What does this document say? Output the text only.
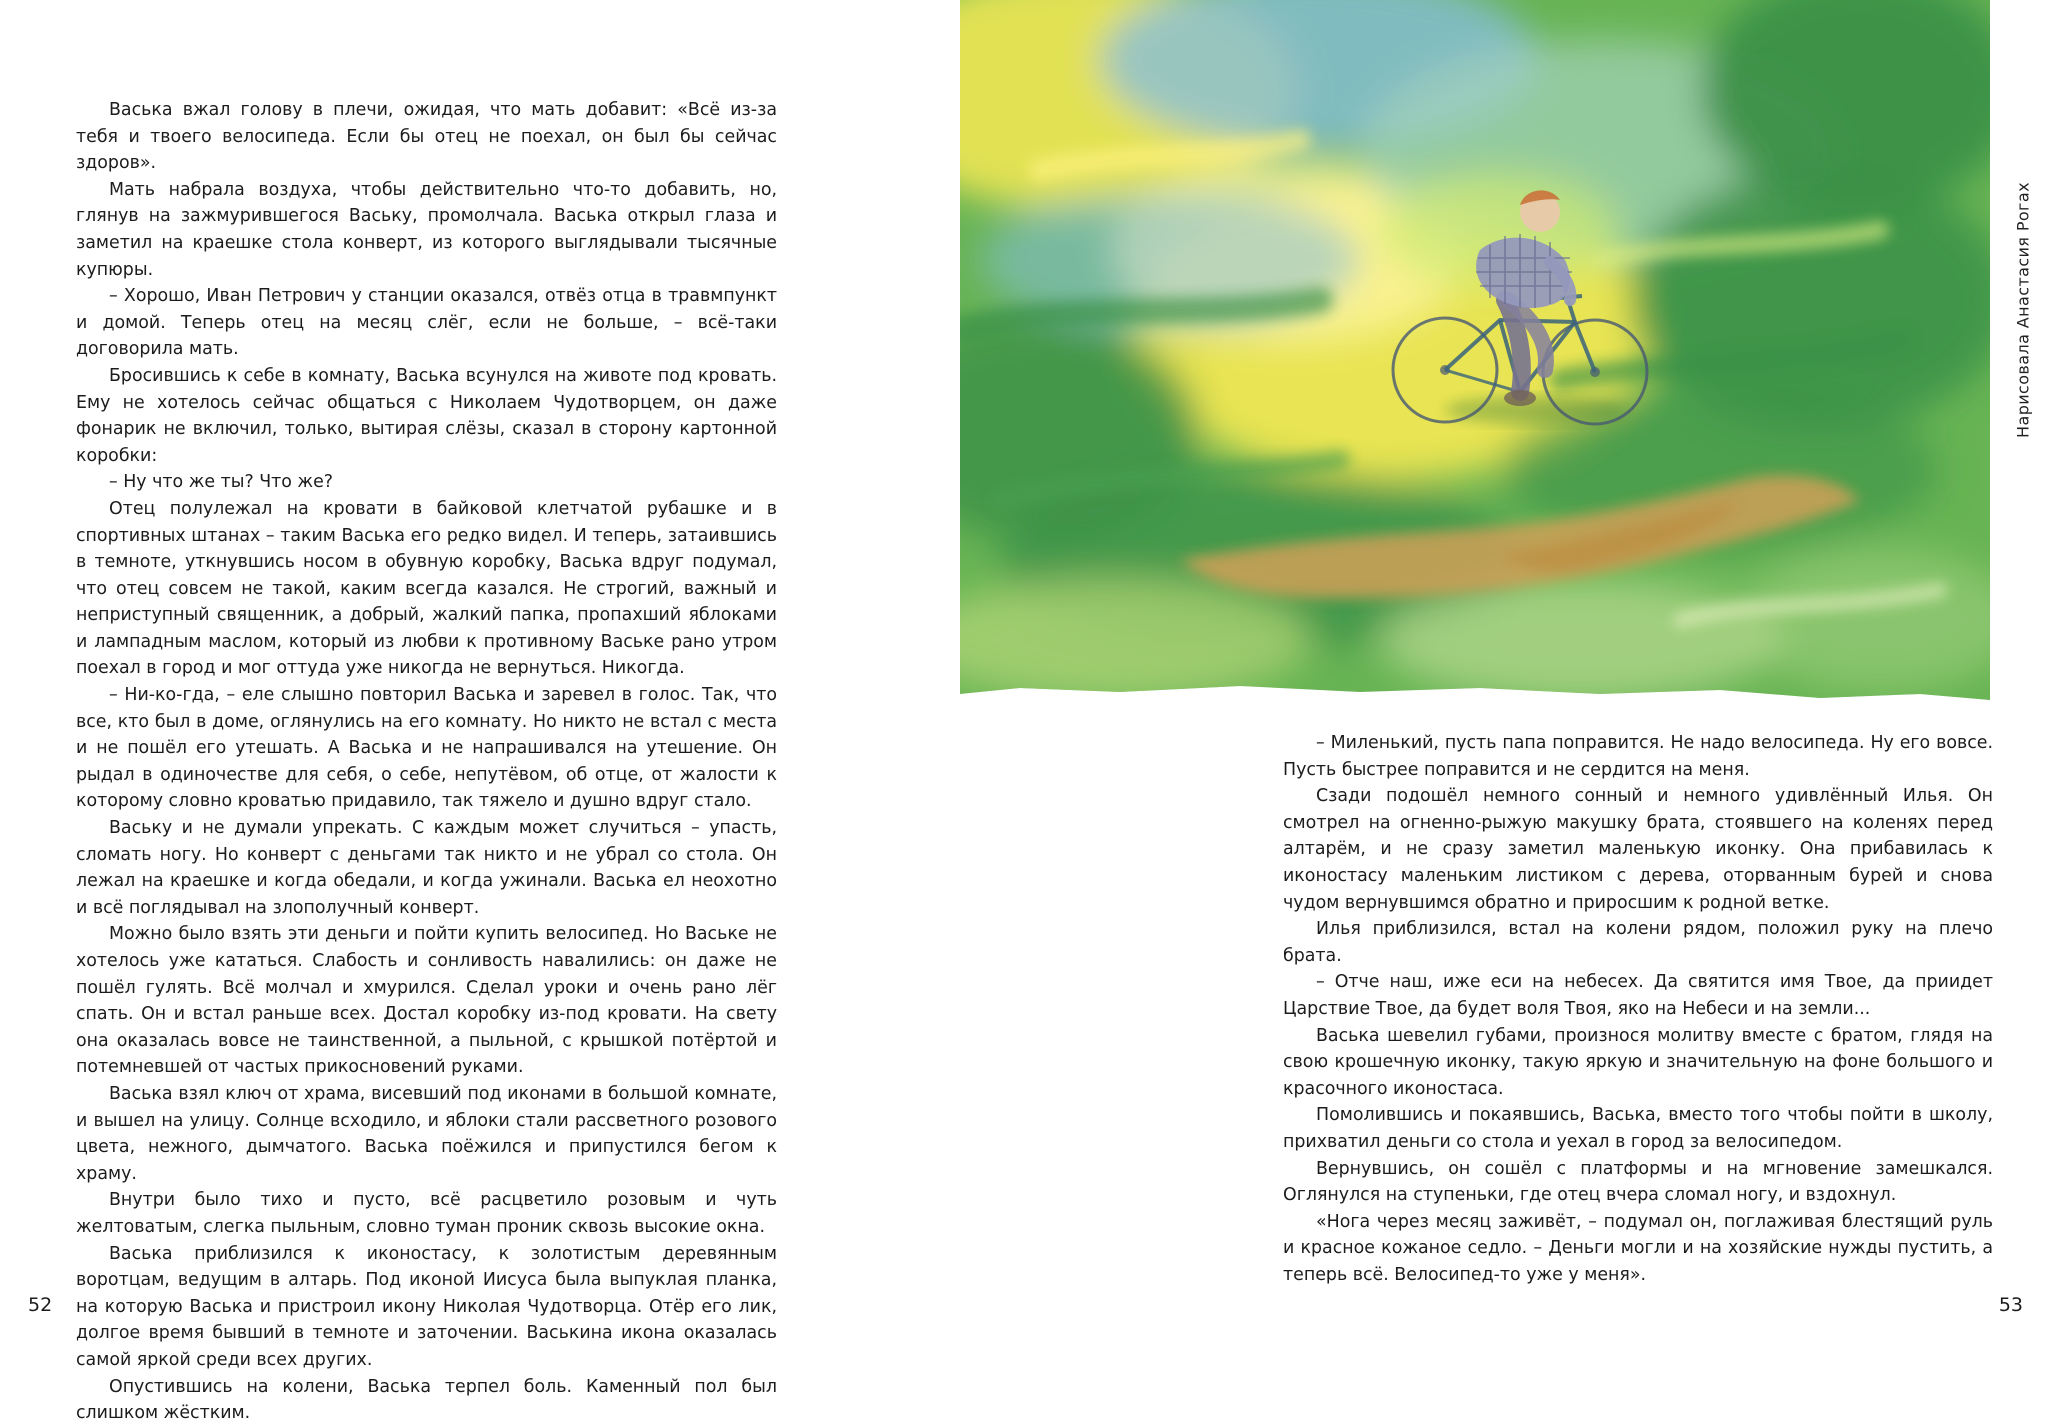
Васька вжал голову в плечи, ожидая, что мать добавит: «Всё из-за тебя и твоего велосипеда. Если бы отец не поехал, он был бы сейчас здоров».

Мать набрала воздуха, чтобы действительно что-то добавить, но, глянув на зажмурившегося Ваську, промолчала. Васька открыл глаза и заметил на краешке стола конверт, из которого выглядывали тысячные купюры.

– Хорошо, Иван Петрович у станции оказался, отвёз отца в травмпункт и домой. Теперь отец на месяц слёг, если не больше, – всё-таки договорила мать.

Бросившись к себе в комнату, Васька всунулся на животе под кровать. Ему не хотелось сейчас общаться с Николаем Чудотворцем, он даже фонарик не включил, только, вытирая слёзы, сказал в сторону картонной коробки:

– Ну что же ты? Что же?

Отец полулежал на кровати в байковой клетчатой рубашке и в спортивных штанах – таким Васька его редко видел. И теперь, затаившись в темноте, уткнувшись носом в обувную коробку, Васька вдруг подумал, что отец совсем не такой, каким всегда казался. Не строгий, важный и неприступный священник, а добрый, жалкий папка, пропахший яблоками и лампадным маслом, который из любви к противному Ваське рано утром поехал в город и мог оттуда уже никогда не вернуться. Никогда.

– Ни-ко-гда, – еле слышно повторил Васька и заревел в голос. Так, что все, кто был в доме, оглянулись на его комнату. Но никто не встал с места и не пошёл его утешать. А Васька и не напрашивался на утешение. Он рыдал в одиночестве для себя, о себе, непутёвом, об отце, от жалости к которому словно кроватью придавило, так тяжело и душно вдруг стало.

Ваську и не думали упрекать. С каждым может случиться – упасть, сломать ногу. Но конверт с деньгами так никто и не убрал со стола. Он лежал на краешке и когда обедали, и когда ужинали. Васька ел неохотно и всё поглядывал на злополучный конверт.

Можно было взять эти деньги и пойти купить велосипед. Но Ваське не хотелось уже кататься. Слабость и сонливость навалились: он даже не пошёл гулять. Всё молчал и хмурился. Сделал уроки и очень рано лёг спать. Он и встал раньше всех. Достал коробку из-под кровати. На свету она оказалась вовсе не таинственной, а пыльной, с крышкой потёртой и потемневшей от частых прикосновений руками.

Васька взял ключ от храма, висевший под иконами в большой комнате, и вышел на улицу. Солнце всходило, и яблоки стали рассветного розового цвета, нежного, дымчатого. Васька поёжился и припустился бегом к храму.

Внутри было тихо и пусто, всё расцветило розовым и чуть желтоватым, слегка пыльным, словно туман проник сквозь высокие окна.

Васька приблизился к иконостасу, к золотистым деревянным воротцам, ведущим в алтарь. Под иконой Иисуса была выпуклая планка, на которую Васька и пристроил икону Николая Чудотворца. Отёр его лик, долгое время бывший в темноте и заточении. Васькина икона оказалась самой яркой среди всех других.

Опустившись на колени, Васька терпел боль. Каменный пол был слишком жёстким.

52

– Миленький, пусть папа поправится. Не надо велосипеда. Ну его вовсе. Пусть быстрее поправится и не сердится на меня.

Сзади подошёл немного сонный и немного удивлённый Илья. Он смотрел на огненно-рыжую макушку брата, стоявшего на коленях перед алтарём, и не сразу заметил маленькую иконку. Она прибавилась к иконостасу маленьким листиком с дерева, оторванным бурей и снова чудом вернувшимся обратно и приросшим к родной ветке.

Илья приблизился, встал на колени рядом, положил руку на плечо брата.

– Отче наш, иже еси на небесех. Да святится имя Твое, да приидет Царствие Твое, да будет воля Твоя, яко на Небеси и на земли...

Васька шевелил губами, произнося молитву вместе с братом, глядя на свою крошечную иконку, такую яркую и значительную на фоне большого и красочного иконостаса.

Помолившись и покаявшись, Васька, вместо того чтобы пойти в школу, прихватил деньги со стола и уехал в город за велосипедом.

Вернувшись, он сошёл с платформы и на мгновение замешкался. Оглянулся на ступеньки, где отец вчера сломал ногу, и вздохнул.

«Нога через месяц заживёт, – подумал он, поглаживая блестящий руль и красное кожаное седло. – Деньги могли и на хозяйские нужды пустить, а теперь всё. Велосипед-то уже у меня».

53
Нарисовала Анастасия Рогах
